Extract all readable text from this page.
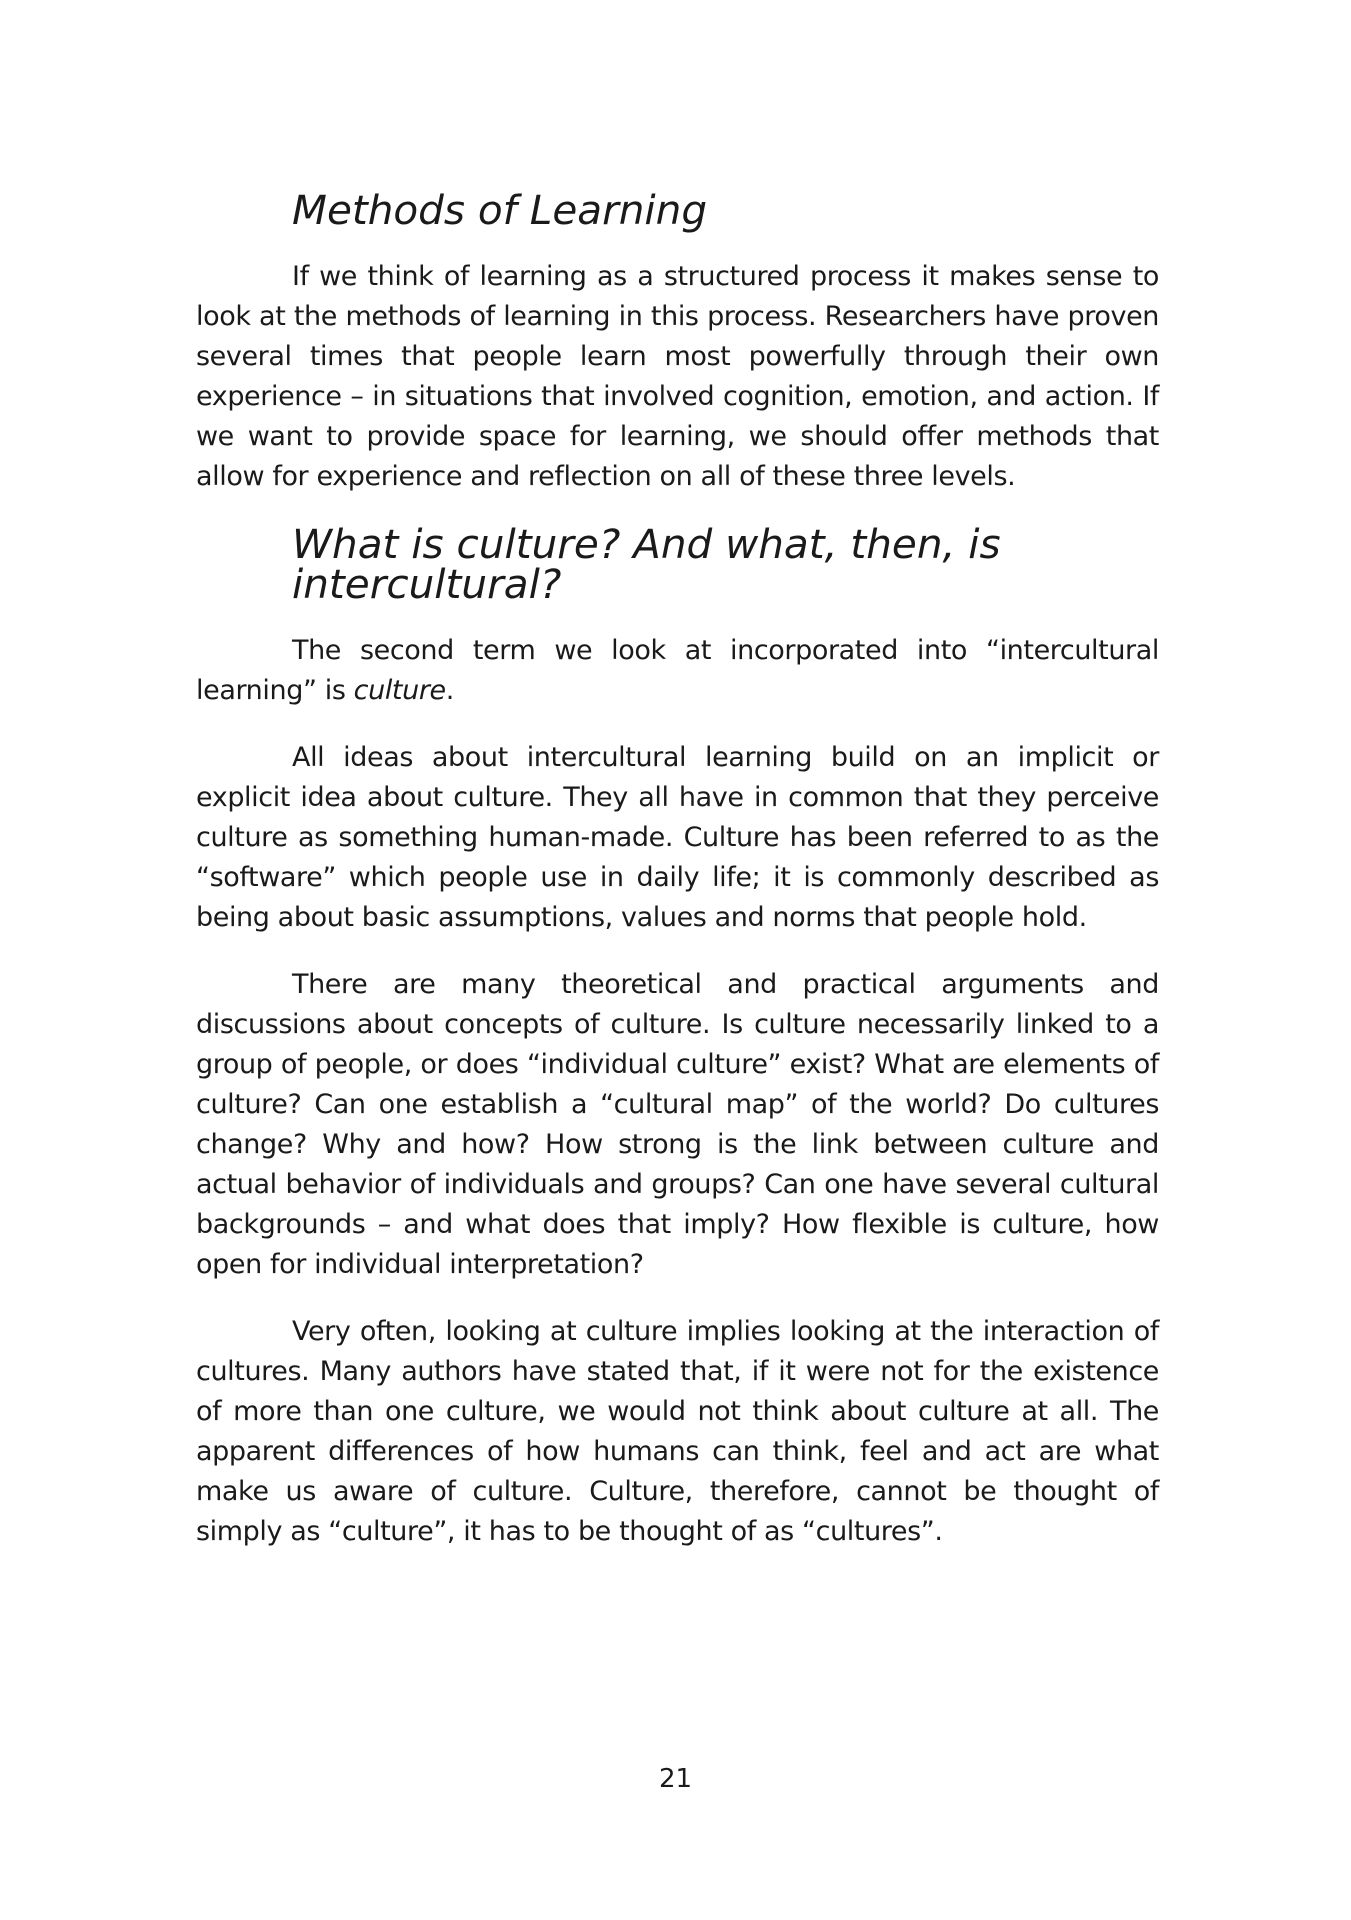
Methods of Learning

If we think of learning as a structured process it makes sense to look at the methods of learning in this process. Researchers have proven several times that people learn most powerfully through their own experience – in situations that involved cognition, emotion, and action. If we want to provide space for learning, we should offer methods that allow for experience and reflection on all of these three levels.

What is culture? And what, then, is intercultural?

The second term we look at incorporated into “intercultural learning” is culture.

All ideas about intercultural learning build on an implicit or explicit idea about culture. They all have in common that they perceive culture as something human-made. Culture has been referred to as the “software” which people use in daily life; it is commonly described as being about basic assumptions, values and norms that people hold.

There are many theoretical and practical arguments and discussions about concepts of culture. Is culture necessarily linked to a group of people, or does “individual culture” exist? What are elements of culture? Can one establish a “cultural map” of the world? Do cultures change? Why and how? How strong is the link between culture and actual behavior of individuals and groups? Can one have several cultural backgrounds – and what does that imply? How flexible is culture, how open for individual interpretation?

Very often, looking at culture implies looking at the interaction of cultures. Many authors have stated that, if it were not for the existence of more than one culture, we would not think about culture at all. The apparent differences of how humans can think, feel and act are what make us aware of culture. Culture, therefore, cannot be thought of simply as “culture”, it has to be thought of as “cultures”.

21
